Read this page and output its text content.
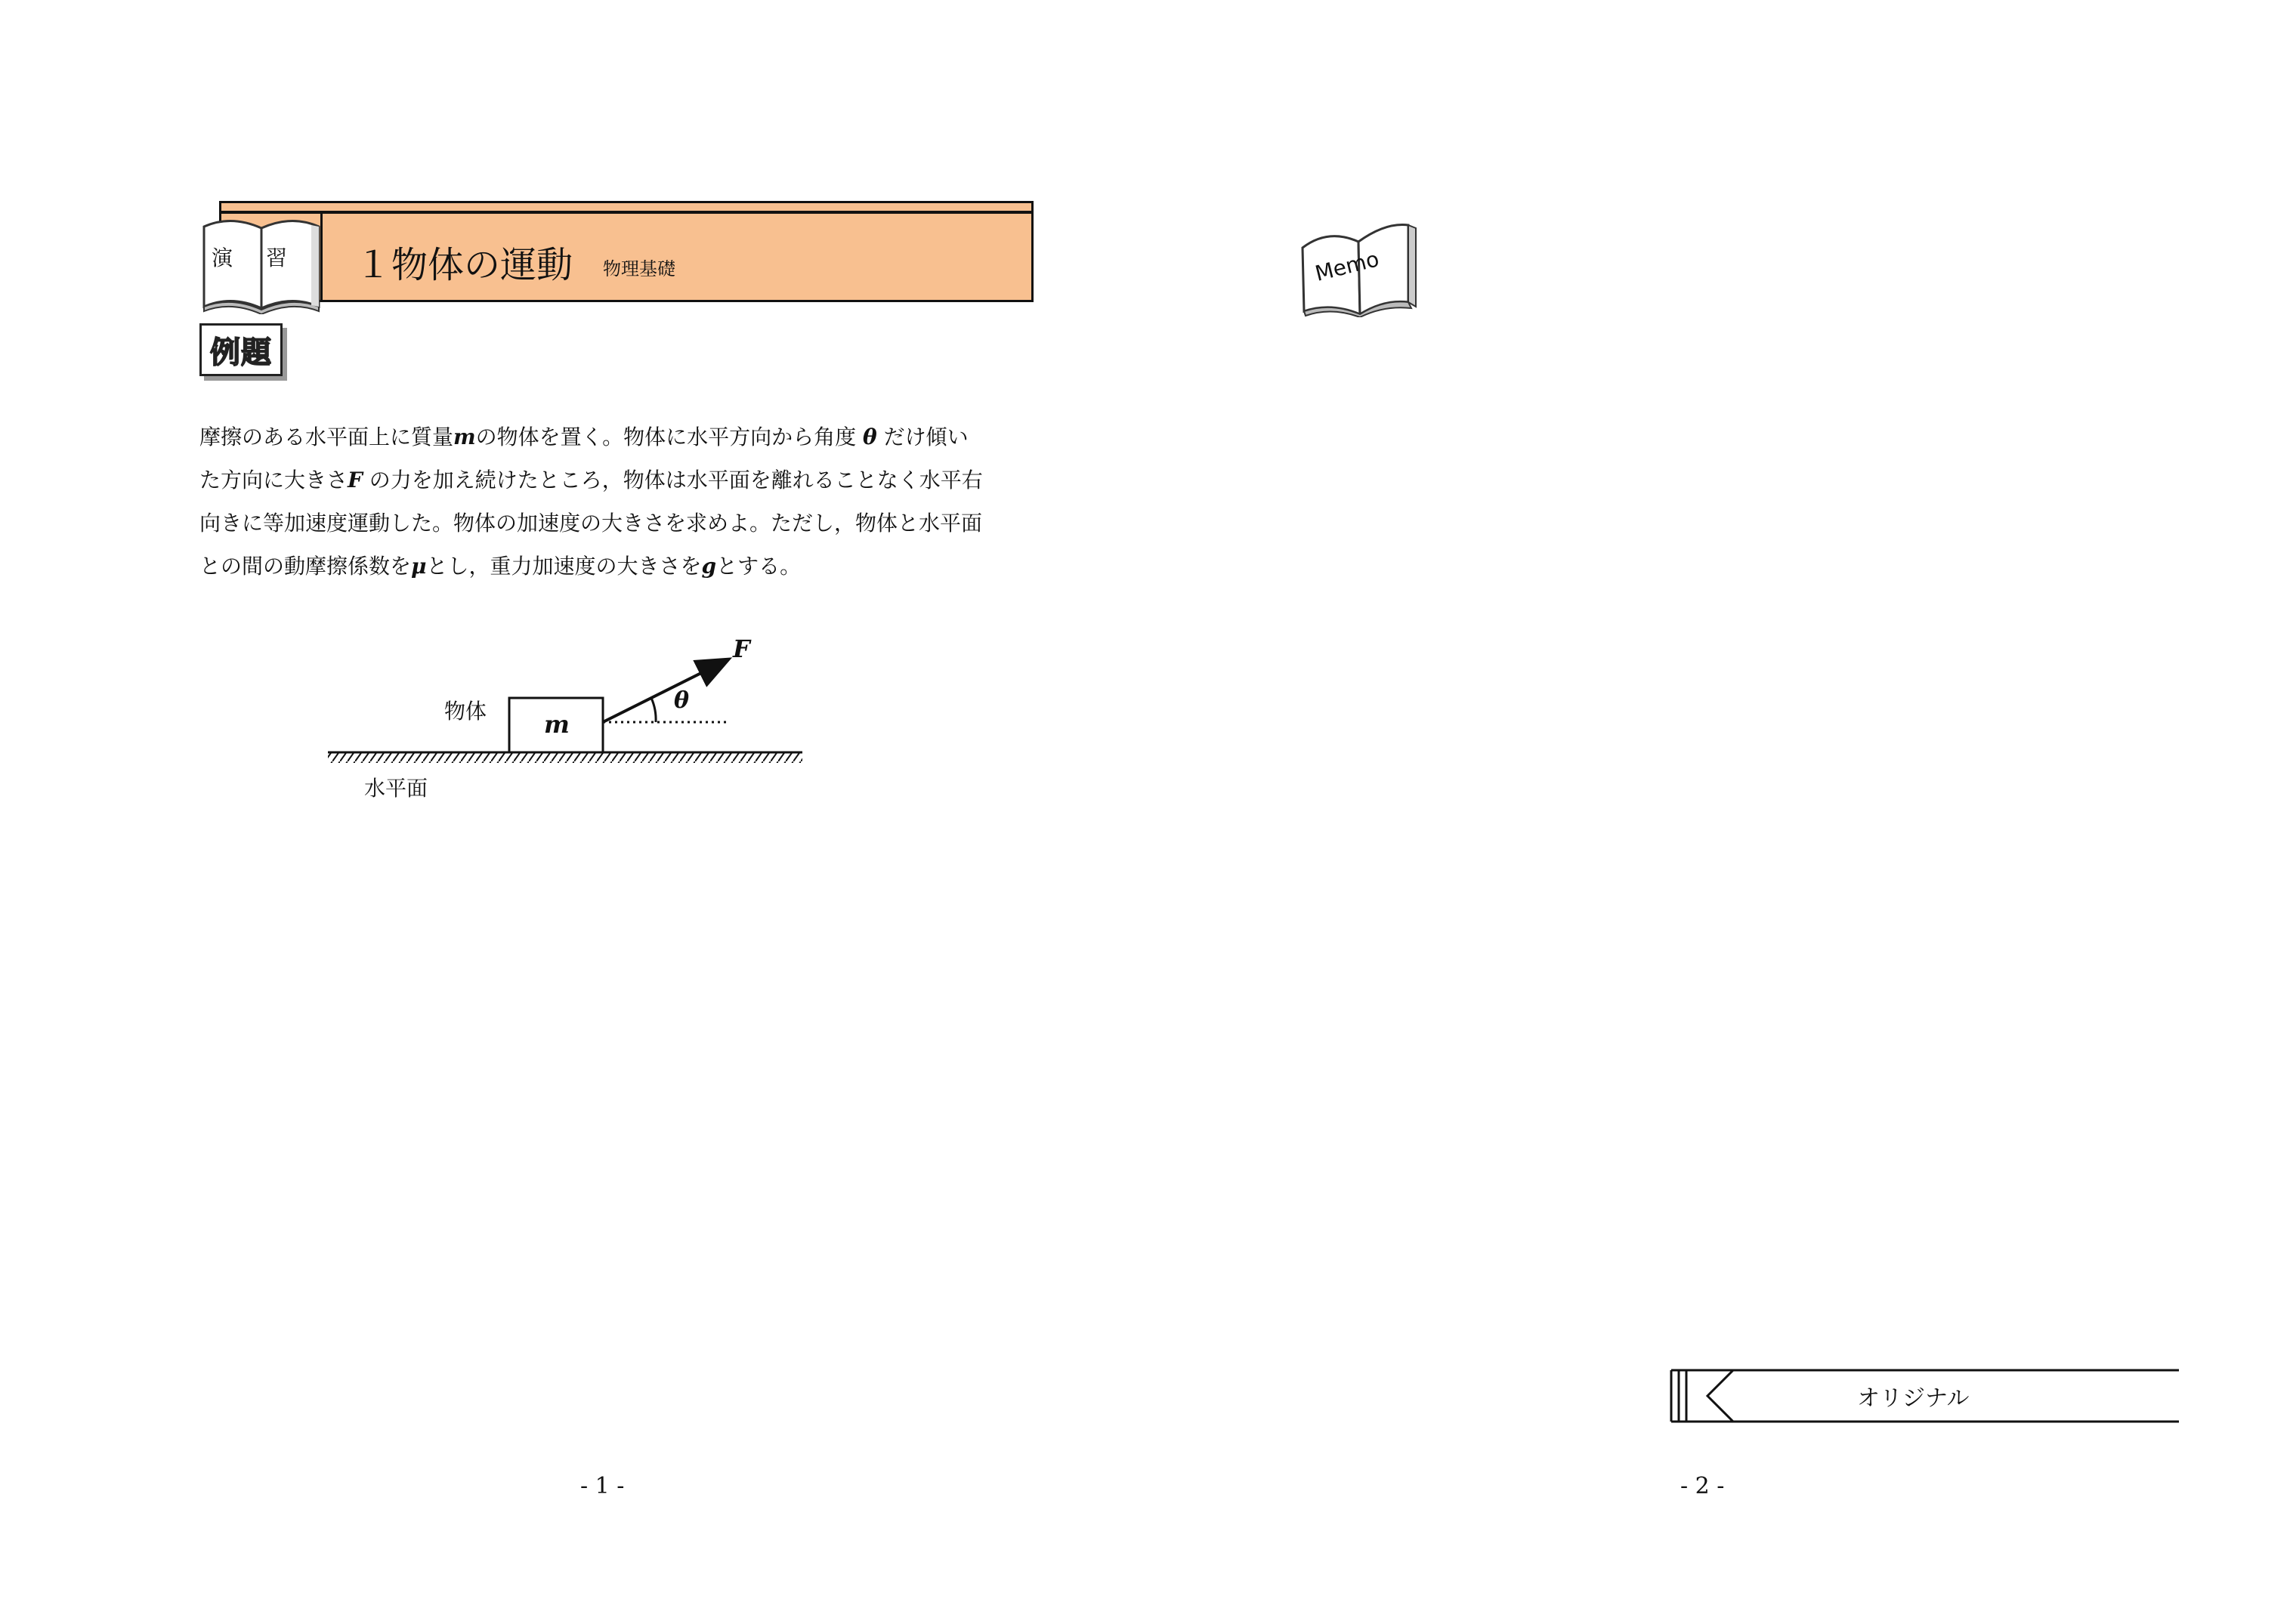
演 習 １物体の運動 物理基礎
例題

摩擦のある水平面上に質量mの物体を置く。物体に水平方向から角度 θ だけ傾い

た方向に大きさF の力を加え続けたところ，物体は水平面を離れることなく水平右

向きに等加速度運動した。物体の加速度の大きさを求めよ。ただし，物体と水平面

との間の動摩擦係数をμとし，重力加速度の大きさをgとする。

物体
水平面
m
F
θ
- 1 -
Memo
オリジナル
- 2 -
